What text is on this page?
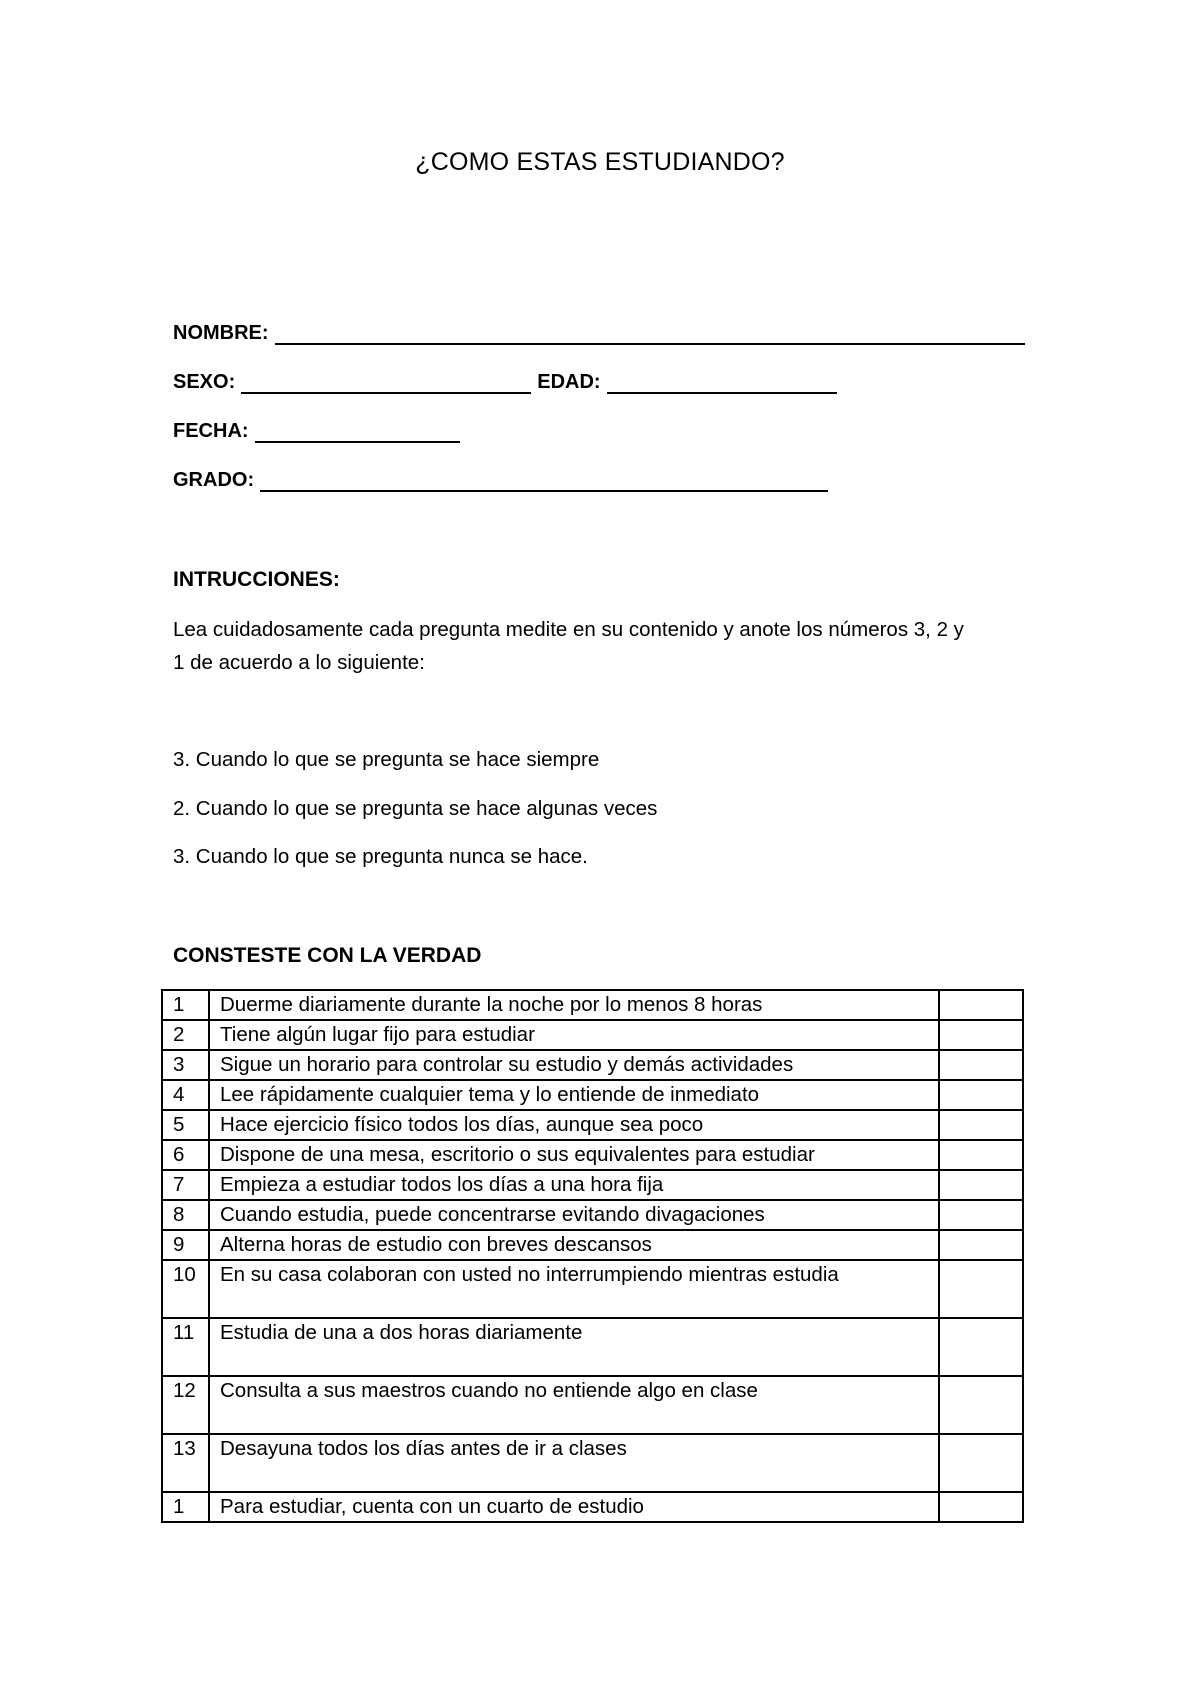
¿COMO ESTAS ESTUDIANDO?
NOMBRE:
SEXO:	EDAD:
FECHA:
GRADO:
INTRUCCIONES:
Lea cuidadosamente cada pregunta medite en su contenido y anote los números 3, 2 y
1 de acuerdo a lo siguiente:
3. Cuando lo que se pregunta se hace siempre
2. Cuando lo que se pregunta se hace algunas veces
3. Cuando lo que se pregunta nunca se hace.
CONSTESTE CON LA VERDAD
1	Duerme diariamente durante la noche por lo menos 8 horas	
2	Tiene algún lugar fijo para estudiar	
3	Sigue un horario para controlar su estudio y demás actividades	
4	Lee rápidamente cualquier tema y lo entiende de inmediato	
5	Hace ejercicio físico todos los días, aunque sea poco	
6	Dispone de una mesa, escritorio o sus equivalentes para estudiar	
7	Empieza a estudiar todos los días a una hora fija	
8	Cuando estudia, puede concentrarse evitando divagaciones	
9	Alterna horas de estudio con breves descansos	
10	En su casa colaboran con usted no interrumpiendo mientras estudia	
11	Estudia de una a dos horas diariamente	
12	Consulta a sus maestros cuando no entiende algo en clase	
13	Desayuna todos los días antes de ir a clases	
1	Para estudiar, cuenta con un cuarto de estudio	
